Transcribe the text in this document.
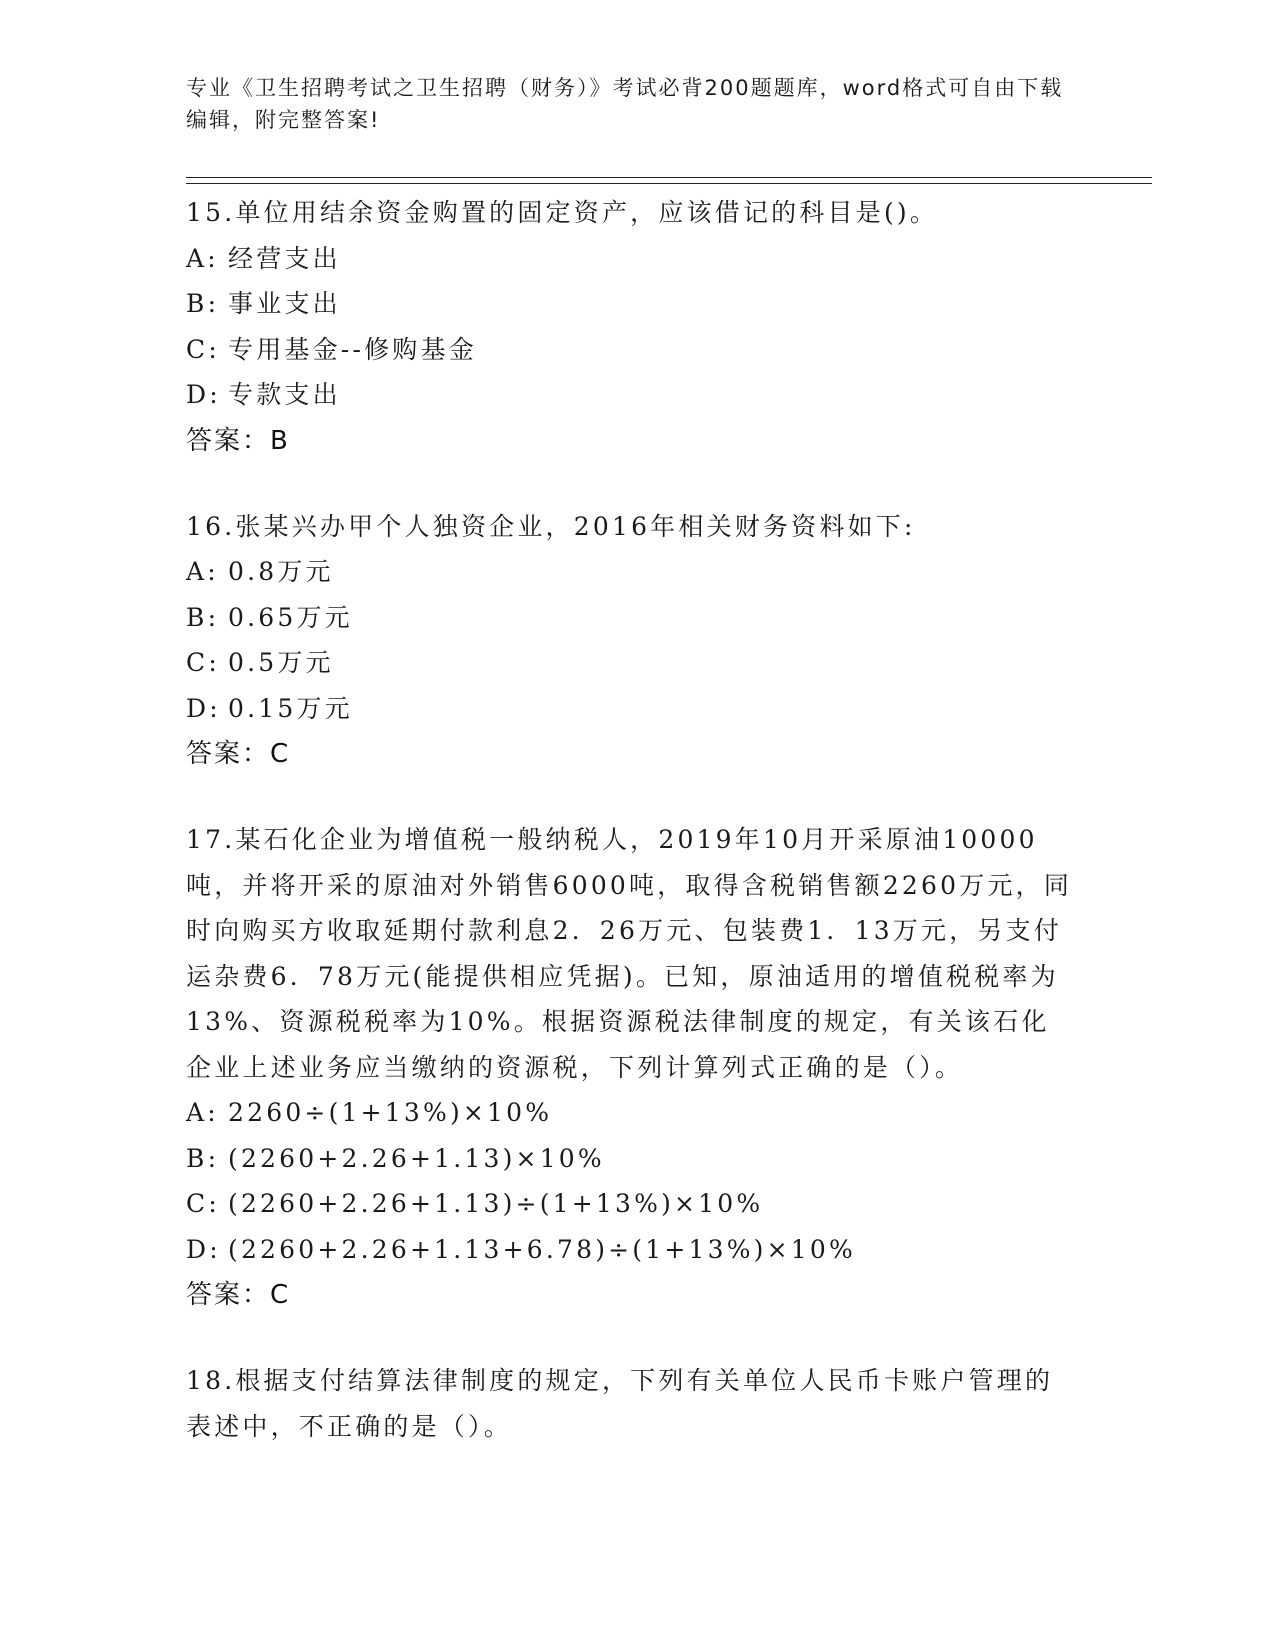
专业《卫生招聘考试之卫生招聘（财务）》考试必背200题题库，word格式可自由下载编辑，附完整答案!
15.单位用结余资金购置的固定资产，应该借记的科目是()。
A: 经营支出
B: 事业支出
C: 专用基金--修购基金
D: 专款支出
答案：B
16.张某兴办甲个人独资企业，2016年相关财务资料如下:
A: 0.8万元
B: 0.65万元
C: 0.5万元
D: 0.15万元
答案：C
17.某石化企业为增值税一般纳税人，2019年10月开采原油10000吨，并将开采的原油对外销售6000吨，取得含税销售额2260万元，同时向购买方收取延期付款利息2．26万元、包装费1．13万元，另支付运杂费6．78万元(能提供相应凭据)。已知，原油适用的增值税税率为13%、资源税税率为10%。根据资源税法律制度的规定，有关该石化企业上述业务应当缴纳的资源税，下列计算列式正确的是（）。
A: 2260÷(1+13%)×10%
B: (2260+2.26+1.13)×10%
C: (2260+2.26+1.13)÷(1+13%)×10%
D: (2260+2.26+1.13+6.78)÷(1+13%)×10%
答案：C
18.根据支付结算法律制度的规定，下列有关单位人民币卡账户管理的表述中，不正确的是（）。
